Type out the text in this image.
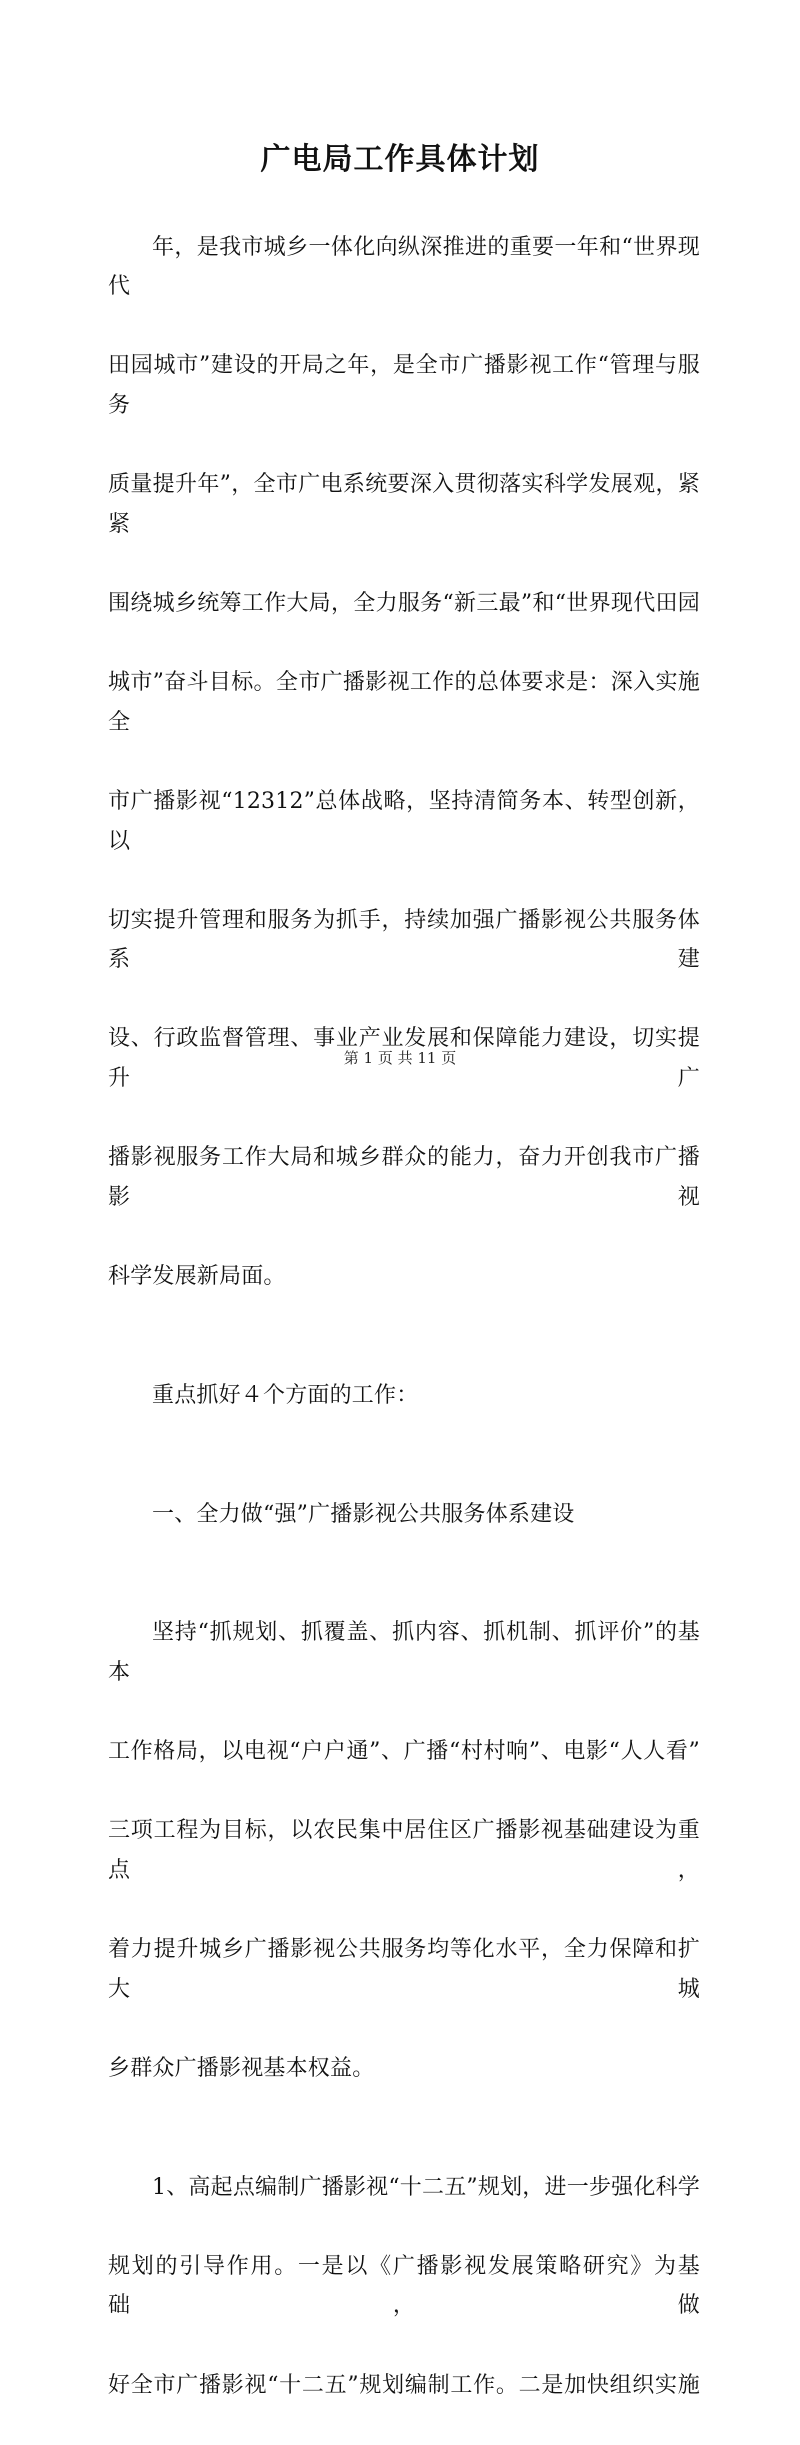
广电局工作具体计划

年，是我市城乡一体化向纵深推进的重要一年和“世界现代

田园城市”建设的开局之年，是全市广播影视工作“管理与服务

质量提升年”，全市广电系统要深入贯彻落实科学发展观，紧紧

围绕城乡统筹工作大局，全力服务“新三最”和“世界现代田园

城市”奋斗目标。全市广播影视工作的总体要求是：深入实施全

市广播影视“12312”总体战略，坚持清简务本、转型创新，以

切实提升管理和服务为抓手，持续加强广播影视公共服务体系建

设、行政监督管理、事业产业发展和保障能力建设，切实提升广

播影视服务工作大局和城乡群众的能力，奋力开创我市广播影视

科学发展新局面。

重点抓好４个方面的工作：

一、全力做“强”广播影视公共服务体系建设

坚持“抓规划、抓覆盖、抓内容、抓机制、抓评价”的基本

工作格局，以电视“户户通”、广播“村村响”、电影“人人看”

三项工程为目标，以农民集中居住区广播影视基础建设为重点，

着力提升城乡广播影视公共服务均等化水平，全力保障和扩大城

乡群众广播影视基本权益。

1、高起点编制广播影视“十二五”规划，进一步强化科学

规划的引导作用。一是以《广播影视发展策略研究》为基础，做

好全市广播影视“十二五”规划编制工作。二是加快组织实施

第 1 页 共 11 页
